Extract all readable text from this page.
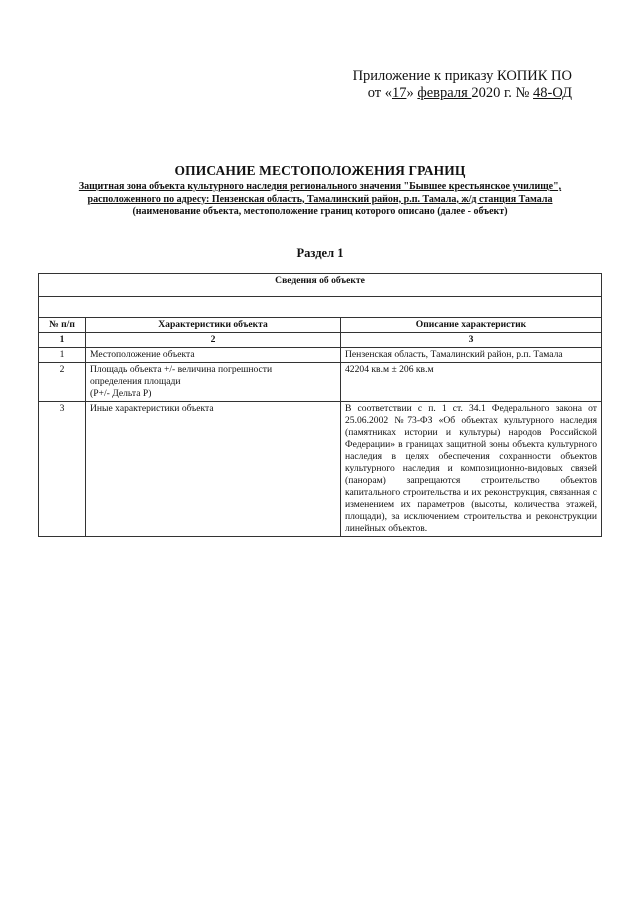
Приложение к приказу КОПИК ПО
от «17» февраля 2020 г. № 48-ОД
ОПИСАНИЕ МЕСТОПОЛОЖЕНИЯ ГРАНИЦ
Защитная зона объекта культурного наследия регионального значения "Бывшее крестьянское училище",
расположенного по адресу: Пензенская область, Тамалинский район, р.п. Тамала, ж/д станция Тамала
(наименование объекта, местоположение границ которого описано (далее - объект)
Раздел 1
Сведения об объекте		

№ п/п	Характеристики объекта	Описание характеристик
1	2	3
1	Местоположение объекта	Пензенская область, Тамалинский район, р.п. Тамала
2	Площадь объекта +/- величина погрешности
определения площади
(Р+/- Дельта Р)	42204 кв.м ± 206 кв.м
3	Иные характеристики объекта	В соответствии с п. 1 ст. 34.1 Федерального закона от 25.06.2002 №73-ФЗ «Об объектах культурного наследия (памятниках истории и культуры) народов Российской Федерации» в границах защитной зоны объекта культурного наследия в целях обеспечения сохранности объектов культурного наследия и композиционно-видовых связей (панорам) запрещаются строительство объектов капитального строительства и их реконструкция, связанная с изменением их параметров (высоты, количества этажей, площади), за исключением строительства и реконструкции линейных объектов.
